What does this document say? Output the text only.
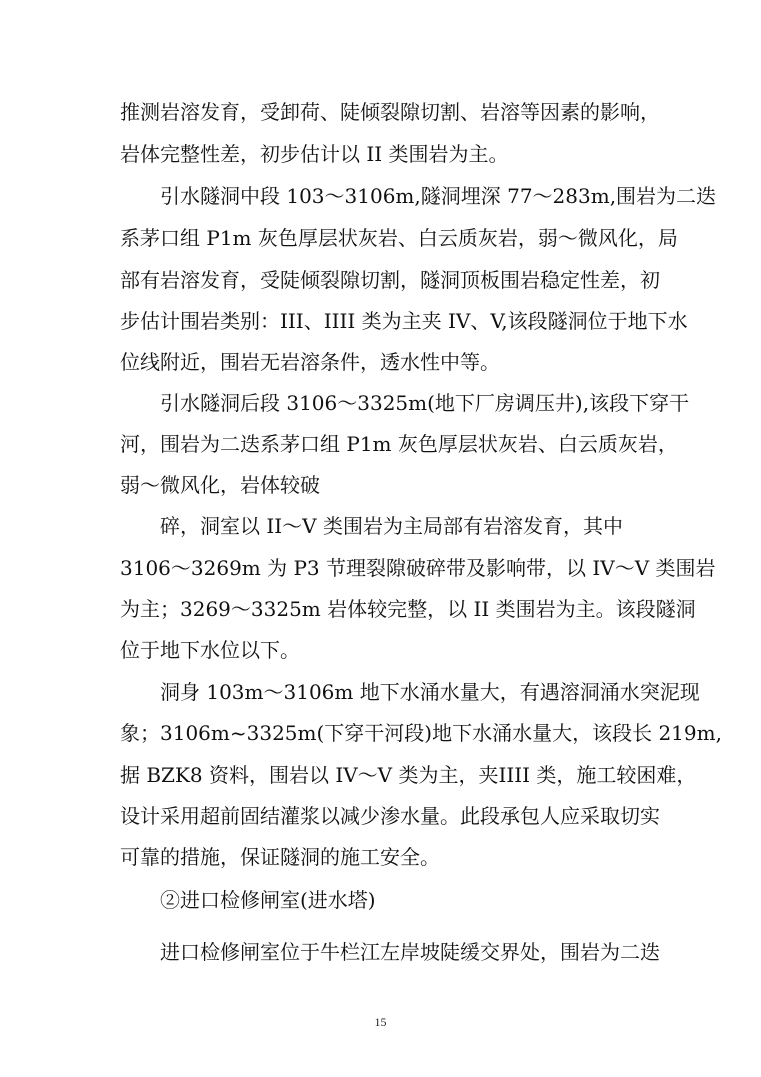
推测岩溶发育，受卸荷、陡倾裂隙切割、岩溶等因素的影响，

岩体完整性差，初步估计以 II 类围岩为主。

引水隧洞中段 103～3106m,隧洞埋深 77～283m,围岩为二迭

系茅口组 P1m 灰色厚层状灰岩、白云质灰岩，弱～微风化，局

部有岩溶发育，受陡倾裂隙切割，隧洞顶板围岩稳定性差，初

步估计围岩类别：III、IIII 类为主夹 IV、V,该段隧洞位于地下水

位线附近，围岩无岩溶条件，透水性中等。

引水隧洞后段 3106～3325m(地下厂房调压井),该段下穿干

河，围岩为二迭系茅口组 P1m 灰色厚层状灰岩、白云质灰岩，

弱～微风化，岩体较破

碎，洞室以 II～V 类围岩为主局部有岩溶发育，其中

3106～3269m 为 P3 节理裂隙破碎带及影响带，以 IV～V 类围岩

为主；3269～3325m 岩体较完整，以 II 类围岩为主。该段隧洞

位于地下水位以下。

洞身 103m～3106m 地下水涌水量大，有遇溶洞涌水突泥现

象；3106m~3325m(下穿干河段)地下水涌水量大，该段长 219m,

据 BZK8 资料，围岩以 IV～V 类为主，夹IIII 类，施工较困难，

设计采用超前固结灌浆以减少渗水量。此段承包人应采取切实

可靠的措施，保证隧洞的施工安全。

②进口检修闸室(进水塔)

进口检修闸室位于牛栏江左岸坡陡缓交界处，围岩为二迭

15
